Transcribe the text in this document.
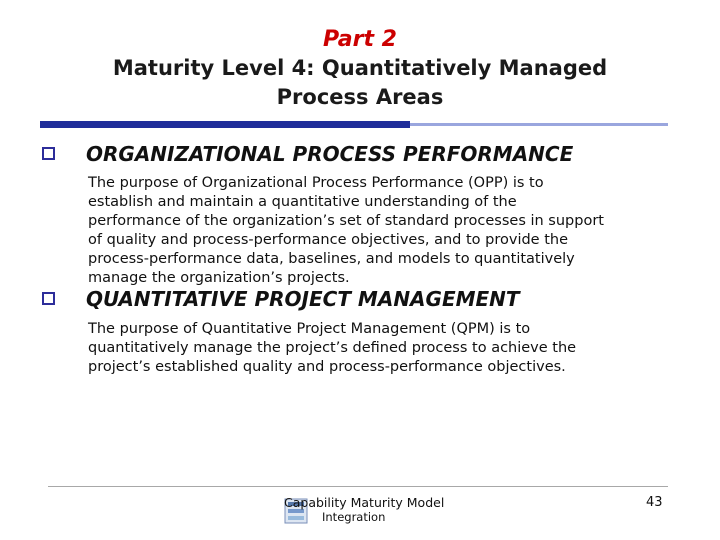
Part 2
Maturity Level 4: Quantitatively Managed
Process Areas
ORGANIZATIONAL PROCESS PERFORMANCE
The purpose of Organizational Process Performance (OPP) is to
establish and maintain a quantitative understanding of the
performance of the organization’s set of standard processes in support
of quality and process-performance objectives, and to provide the
process-performance data, baselines, and models to quantitatively
manage the organization’s projects.
QUANTITATIVE PROJECT MANAGEMENT
The purpose of Quantitative Project Management (QPM) is to
quantitatively manage the project’s defined process to achieve the
project’s established quality and process-performance objectives.
Capability Maturity Model
Integration
43
